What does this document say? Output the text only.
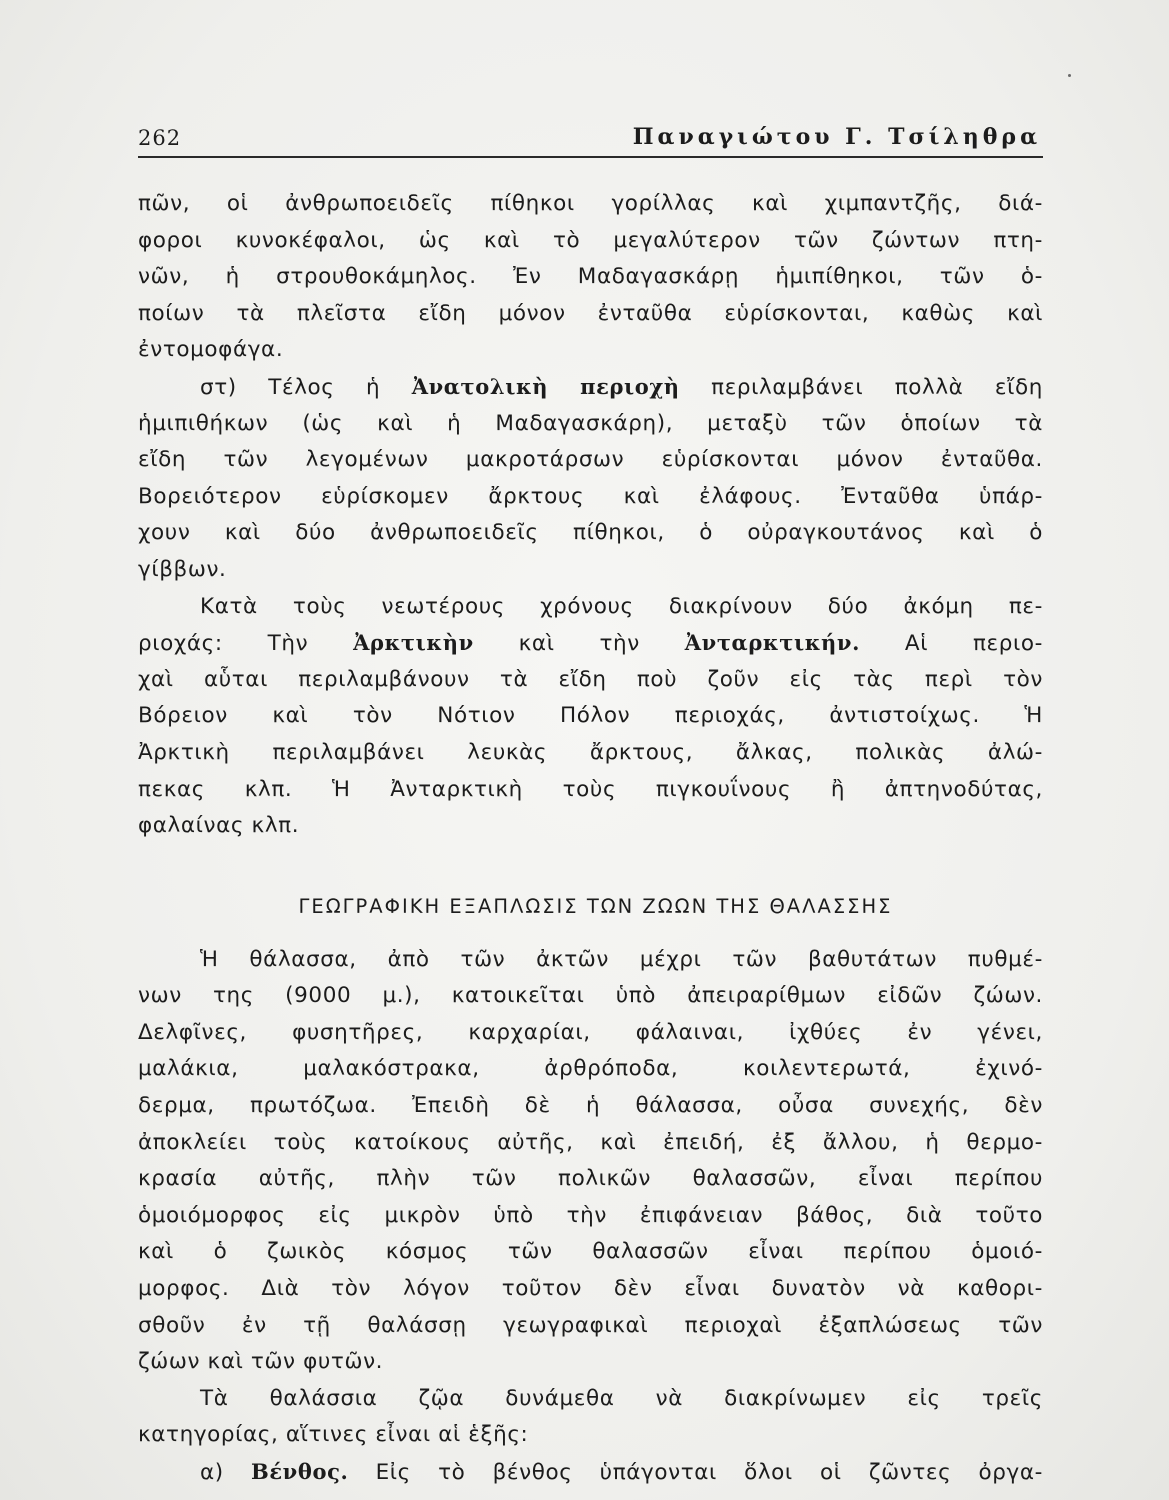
262	Παναγιώτου Γ. Τσίληθρα
πῶν, οἱ ἀνθρωποειδεῖς πίθηκοι γορίλλας καὶ χιμπαντζῆς, διά-
φοροι κυνοκέφαλοι, ὡς καὶ τὸ μεγαλύτερον τῶν ζώντων πτη-
νῶν, ἡ στρουθοκάμηλος. Ἐν Μαδαγασκάρῃ ἡμιπίθηκοι, τῶν ὁ-
ποίων τὰ πλεῖστα εἴδη μόνον ἐνταῦθα εὑρίσκονται, καθὼς καὶ
ἐντομοφάγα.
στ) Τέλος ἡ Ἀνατολικὴ περιοχὴ περιλαμβάνει πολλὰ εἴδη
ἡμιπιθήκων (ὡς καὶ ἡ Μαδαγασκάρη), μεταξὺ τῶν ὁποίων τὰ
εἴδη τῶν λεγομένων μακροτάρσων εὑρίσκονται μόνον ἐνταῦθα.
Βορειότερον εὑρίσκομεν ἄρκτους καὶ ἐλάφους. Ἐνταῦθα ὑπάρ-
χουν καὶ δύο ἀνθρωποειδεῖς πίθηκοι, ὁ οὐραγκουτάνος καὶ ὁ
γίββων.
Κατὰ τοὺς νεωτέρους χρόνους διακρίνουν δύο ἀκόμη πε-
ριοχάς: Τὴν Ἀρκτικὴν καὶ τὴν Ἀνταρκτικήν. Αἱ περιο-
χαὶ αὗται περιλαμβάνουν τὰ εἴδη ποὺ ζοῦν εἰς τὰς περὶ τὸν
Βόρειον καὶ τὸν Νότιον Πόλον περιοχάς, ἀντιστοίχως. Ἡ
Ἀρκτικὴ περιλαμβάνει λευκὰς ἄρκτους, ἄλκας, πολικὰς ἀλώ-
πεκας κλπ. Ἡ Ἀνταρκτικὴ τοὺς πιγκουΐνους ἢ ἀπτηνοδύτας,
φαλαίνας κλπ.
ΓΕΩΓΡΑΦΙΚΗ ΕΞΑΠΛΩΣΙΣ ΤΩΝ ΖΩΩΝ ΤΗΣ ΘΑΛΑΣΣΗΣ
Ἡ θάλασσα, ἀπὸ τῶν ἀκτῶν μέχρι τῶν βαθυτάτων πυθμέ-
νων της (9000 μ.), κατοικεῖται ὑπὸ ἀπειραρίθμων εἰδῶν ζώων.
Δελφῖνες, φυσητῆρες, καρχαρίαι, φάλαιναι, ἰχθύες ἐν γένει,
μαλάκια, μαλακόστρακα, ἀρθρόποδα, κοιλεντερωτά, ἐχινό-
δερμα, πρωτόζωα. Ἐπειδὴ δὲ ἡ θάλασσα, οὖσα συνεχής, δὲν
ἀποκλείει τοὺς κατοίκους αὐτῆς, καὶ ἐπειδή, ἐξ ἄλλου, ἡ θερμο-
κρασία αὐτῆς, πλὴν τῶν πολικῶν θαλασσῶν, εἶναι περίπου
ὁμοιόμορφος εἰς μικρὸν ὑπὸ τὴν ἐπιφάνειαν βάθος, διὰ τοῦτο
καὶ ὁ ζωικὸς κόσμος τῶν θαλασσῶν εἶναι περίπου ὁμοιό-
μορφος. Διὰ τὸν λόγον τοῦτον δὲν εἶναι δυνατὸν νὰ καθορι-
σθοῦν ἐν τῇ θαλάσσῃ γεωγραφικαὶ περιοχαὶ ἐξαπλώσεως τῶν
ζώων καὶ τῶν φυτῶν.
Τὰ θαλάσσια ζῷα δυνάμεθα νὰ διακρίνωμεν εἰς τρεῖς
κατηγορίας, αἵτινες εἶναι αἱ ἑξῆς:
α) Βένθος. Εἰς τὸ βένθος ὑπάγονται ὅλοι οἱ ζῶντες ὀργα-
